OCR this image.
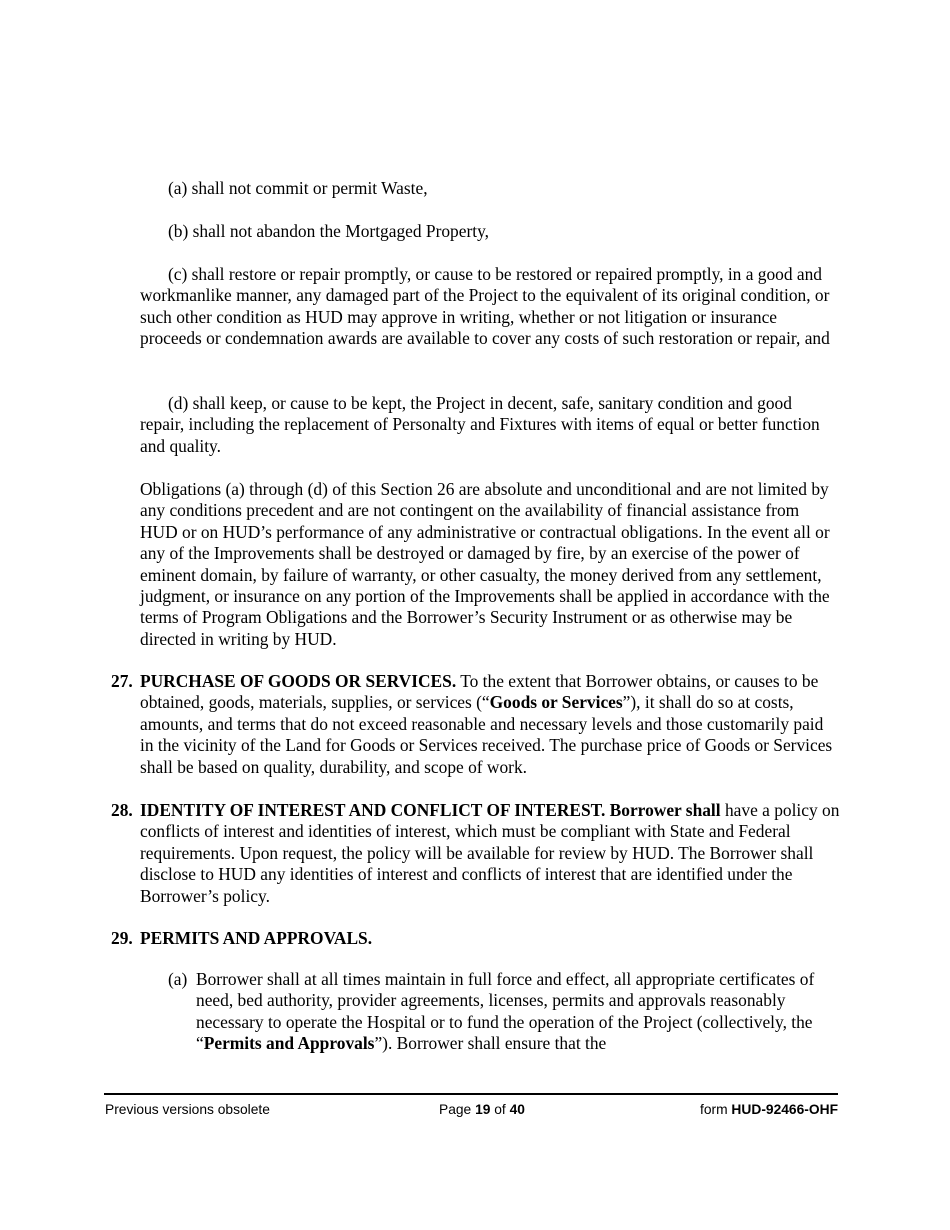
(a) shall not commit or permit Waste,

(b) shall not abandon the Mortgaged Property,

(c) shall restore or repair promptly, or cause to be restored or repaired promptly, in a good and workmanlike manner, any damaged part of the Project to the equivalent of its original condition, or such other condition as HUD may approve in writing, whether or not litigation or insurance proceeds or condemnation awards are available to cover any costs of such restoration or repair, and

(d) shall keep, or cause to be kept, the Project in decent, safe, sanitary condition and good repair, including the replacement of Personalty and Fixtures with items of equal or better function and quality.

Obligations (a) through (d) of this Section 26 are absolute and unconditional and are not limited by any conditions precedent and are not contingent on the availability of financial assistance from HUD or on HUD’s performance of any administrative or contractual obligations. In the event all or any of the Improvements shall be destroyed or damaged by fire, by an exercise of the power of eminent domain, by failure of warranty, or other casualty, the money derived from any settlement, judgment, or insurance on any portion of the Improvements shall be applied in accordance with the terms of Program Obligations and the Borrower’s Security Instrument or as otherwise may be directed in writing by HUD.

27. PURCHASE OF GOODS OR SERVICES. To the extent that Borrower obtains, or causes to be obtained, goods, materials, supplies, or services (“Goods or Services”), it shall do so at costs, amounts, and terms that do not exceed reasonable and necessary levels and those customarily paid in the vicinity of the Land for Goods or Services received. The purchase price of Goods or Services shall be based on quality, durability, and scope of work.

28. IDENTITY OF INTEREST AND CONFLICT OF INTEREST. Borrower shall have a policy on conflicts of interest and identities of interest, which must be compliant with State and Federal requirements. Upon request, the policy will be available for review by HUD. The Borrower shall disclose to HUD any identities of interest and conflicts of interest that are identified under the Borrower’s policy.

29. PERMITS AND APPROVALS.

(a) Borrower shall at all times maintain in full force and effect, all appropriate certificates of need, bed authority, provider agreements, licenses, permits and approvals reasonably necessary to operate the Hospital or to fund the operation of the Project (collectively, the “Permits and Approvals”). Borrower shall ensure that the

Previous versions obsolete	Page 19 of 40	form HUD-92466-OHF
